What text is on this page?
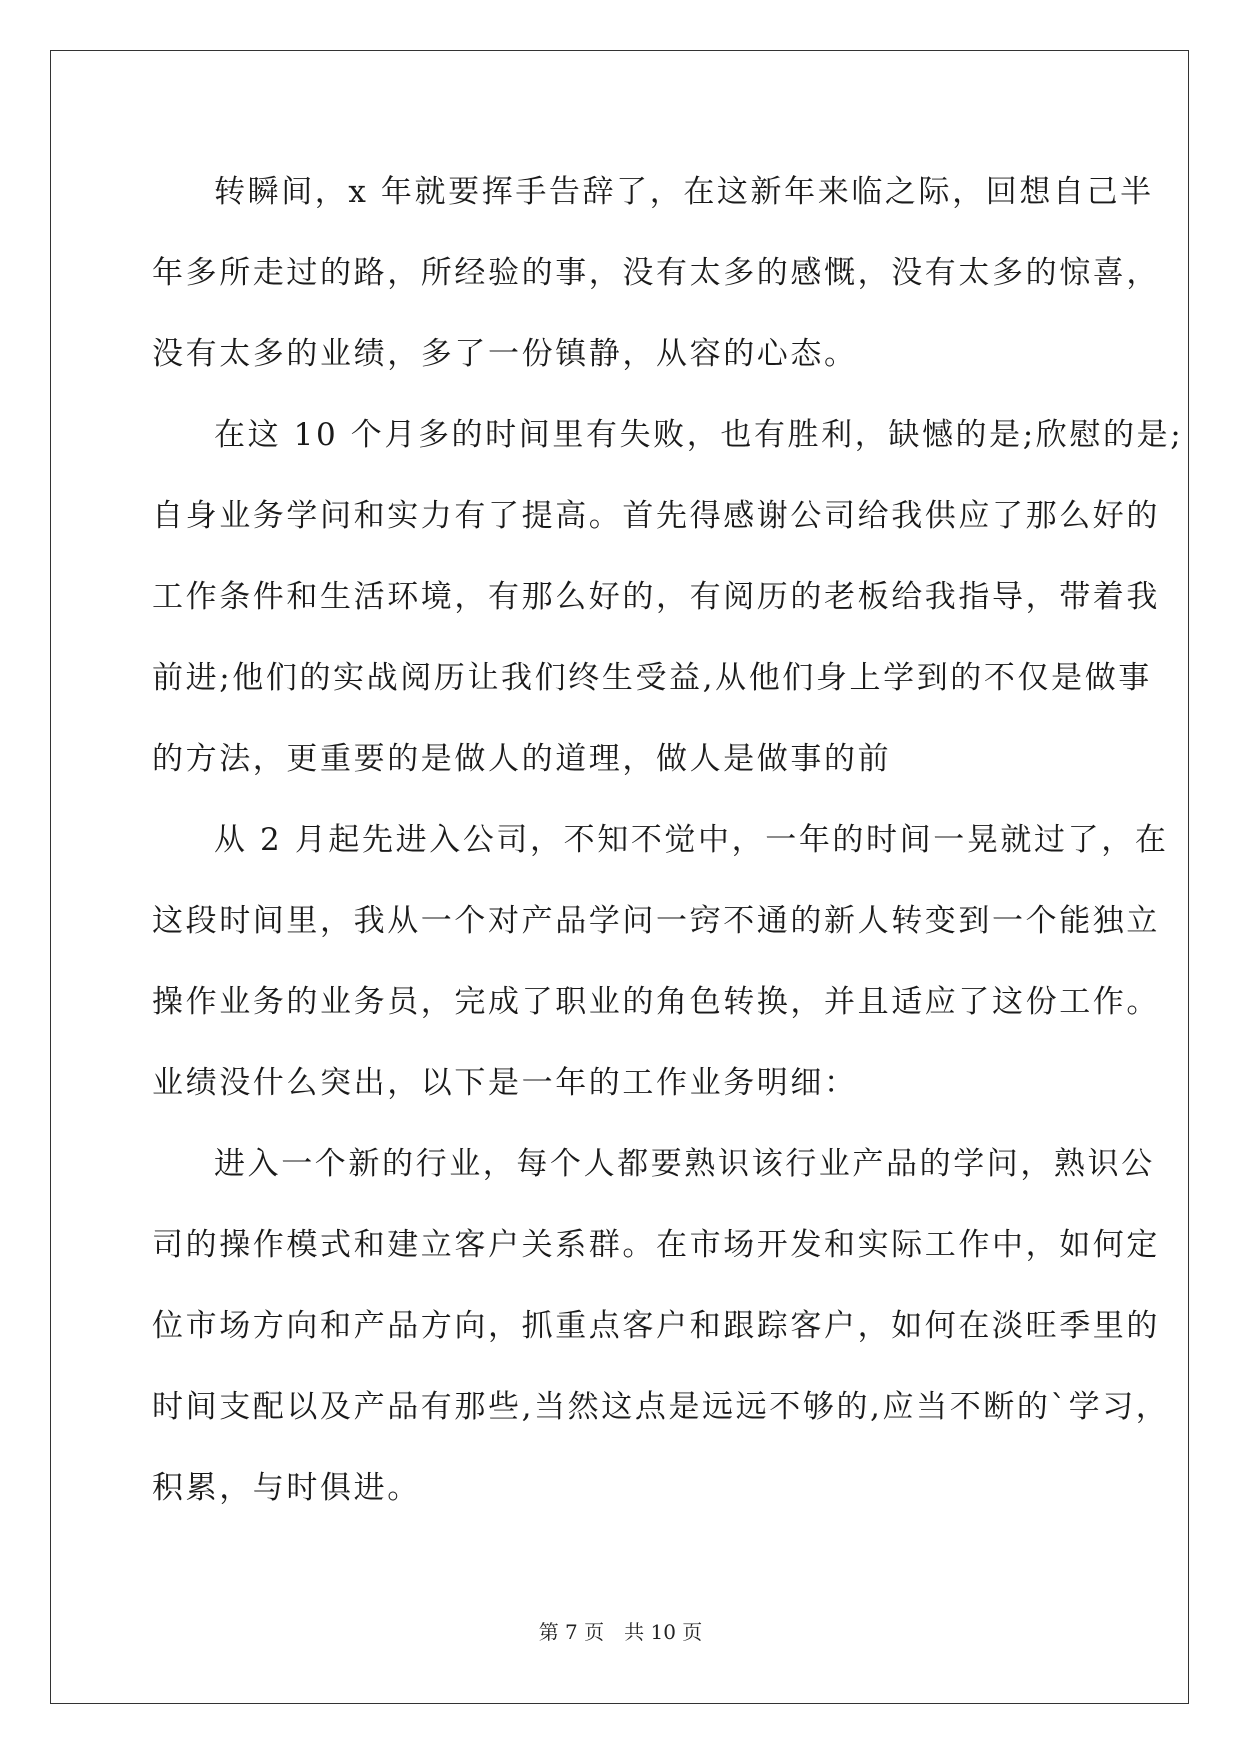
转瞬间，x 年就要挥手告辞了，在这新年来临之际，回想自己半
年多所走过的路，所经验的事，没有太多的感慨，没有太多的惊喜，
没有太多的业绩，多了一份镇静，从容的心态。
在这 10 个月多的时间里有失败，也有胜利，缺憾的是;欣慰的是;
自身业务学问和实力有了提高。首先得感谢公司给我供应了那么好的
工作条件和生活环境，有那么好的，有阅历的老板给我指导，带着我
前进;他们的实战阅历让我们终生受益,从他们身上学到的不仅是做事
的方法，更重要的是做人的道理，做人是做事的前
从 2 月起先进入公司，不知不觉中，一年的时间一晃就过了，在
这段时间里，我从一个对产品学问一窍不通的新人转变到一个能独立
操作业务的业务员，完成了职业的角色转换，并且适应了这份工作。
业绩没什么突出，以下是一年的工作业务明细：
进入一个新的行业，每个人都要熟识该行业产品的学问，熟识公
司的操作模式和建立客户关系群。在市场开发和实际工作中，如何定
位市场方向和产品方向，抓重点客户和跟踪客户，如何在淡旺季里的
时间支配以及产品有那些,当然这点是远远不够的,应当不断的`学习，
积累，与时俱进。
第 7 页 共 10 页
